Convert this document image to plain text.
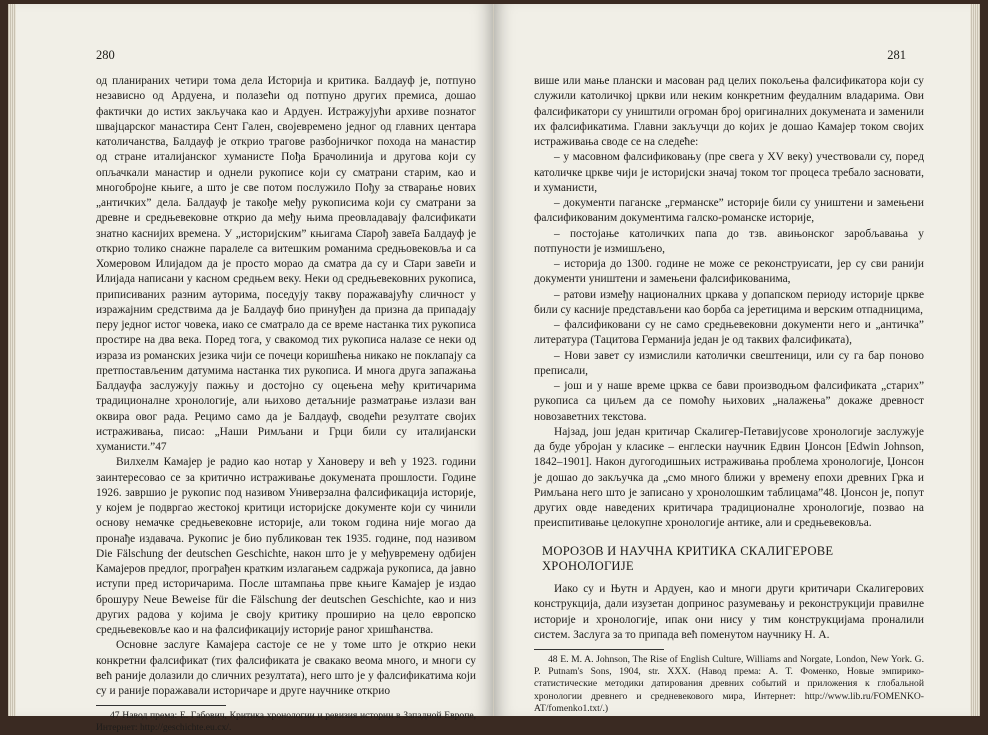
280

од планираних четири тома дела Историја и критика. Балдауф је, потпуно независно од Ардуена, и полазећи од потпуно других премиса, дошао фактички до истих закључака као и Ардуен. Истражујући архиве познатог швајцарског манастира Сент Гален, својевремено једног од главних центара католичанства, Балдауф је открио трагове разбојничког похода на манастир од стране италијанског хуманисте Пођа Брачолинија и другова који су опљачкали манастир и однели рукописе који су сматрани старим, као и многобројне књиге, а што је све потом послужило Пођу за стварање нових „античких” дела. Балдауф је такође међу рукописима који су сматрани за древне и средњевековне открио да међу њима преовладавају фалсификати знатно каснијих времена. У „историјским” књигама Сīарођ завеīа Балдауф је открио толико снажне паралеле са витешким романима средњовековља и са Хомеровом Илијадом да је просто морао да сматра да су и Сīари завеīи и Илијада написани у касном средњем веку. Неки од средњевековних рукописа, приписиваних разним ауторима, поседују такву поражавајућу сличност у изражајним средствима да је Балдауф био принуђен да призна да припадају перу једног истог човека, иако се сматрало да се време настанка тих рукописа простире на два века. Поред тога, у свакомод тих рукописа налазе се неки од израза из романских језика чији се почеци коришћења никако не поклапају са претпостављеним датумима настанка тих рукописа. И многа друга запажања Балдауфа заслужују пажњу и достојно су оцењена међу критичарима традиционалне хронологије, али њихово детаљније разматрање излази ван оквира овог рада. Рецимо само да је Балдауф, сводећи резултате својих истраживања, писао: „Наши Римљани и Грци били су италијански хуманисти.”47

Вилхелм Камајер је радио као нотар у Хановеру и већ у 1923. години заинтересовао се за критично истраживање докумената прошлости. Године 1926. завршио је рукопис под називом Универзална фалсификација историје, у којем је подвргао жестокој критици историјске документе који су чинили основу немачке средњевековне историје, али током година није могао да пронађе издавача. Рукопис је био публикован тек 1935. године, под називом Die Fälschung der deutschen Geschichte, након што је у међувремену одбијен Камајеров предлог, прогрaђен кратким излагањем садржаја рукописа, да јавно иступи пред историчарима. После штампања прве књиге Камајер је издао брошуру Neue Beweise für die Fälschung der deutschen Geschichte, као и низ других радова у којима је своју критику проширио на цело европско средњевековље као и на фалсификацију историје раног хришћанства.

Основне заслуге Камајера састоје се не у томе што је открио неки конкретни фалсификат (тих фалсификата је свакако веома много, и многи су већ раније долазили до сличних резултата), него што је у фалсификатима који су и раније поражавали историчаре и друге научнике открио

47 Навод према: Е. Габович, Критика хронологии и ревизия истории в Западной Европе, Интернет: http://geschichte.eu.cx/.

281

више или мање плански и масован рад целих покољења фалсификатора који су служили католичкој цркви или неким конкретним феудалним владарима. Ови фалсификатори су уништили огроман број оригиналних докумената и заменили их фалсификатима. Главни закључци до којих је дошао Камајер током својих истраживања своде се на следеће:

– у масовном фалсификовању (пре свега у XV веку) учествовали су, поред католичке цркве чији је историјски значај током тог процеса требало засновати, и хуманисти,

– документи паганске „германске” историје били су уништени и замењени фалсификованим документима галско-романске историје,

– постојање католичких папа до тзв. авињонског заробљавања у потпуности је измишљено,

– историја до 1300. године не може се реконструисати, јер су сви ранији документи уништени и замењени фалсификованима,

– ратови између националних цркава у допапском периоду историје цркве били су касније представљени као борба са јеретицима и верским отпадницима,

– фалсификовани су не само средњевековни документи него и „античка” литература (Тацитова Германија један је од таквих фалсификата),

– Нови завет су измислили католички свештеници, или су га бар поново преписали,

– још и у наше време црква се бави производњом фалсификата „старих” рукописа са циљем да се помоћу њихових „налажења” докаже древност новозаветних текстова.

Најзад, још један критичар Скалигер-Петавијусове хронологије заслужује да буде убројан у класике – енглески научник Едвин Џонсон [Edwin Johnson, 1842–1901]. Након дугогодишњих истраживања проблема хронологије, Џонсон је дошао до закључка да „смо много ближи у времену епохи древних Грка и Римљана него што је записано у хронолошким таблицама”48. Џонсон је, попут других овде наведених критичара традиционалне хронологије, позвао на преиспитивање целокупне хронологије антике, али и средњевековља.

МОРОЗОВ И НАУЧНА КРИТИКА СКАЛИГЕРОВЕ ХРОНОЛОГИЈЕ

Иако су и Њутн и Ардуен, као и многи други критичари Скалигерових конструкција, дали изузетан допринос разумевању и реконструкцији правилне историје и хронологије, ипак они нису у тим конструкцијама проналили систем. Заслуга за то припада већ поменутом научнику Н. А.

48 Е. M. A. Johnson, The Rise of English Culture, Williams and Norgate, London, New York. G. P. Putnam's Sons, 1904, str. XXX. (Навод према: А. Т. Фоменко, Новые эмпирико-статистические методики датирования древних событий и приложения к глобальной хронологии древнего и средневекового мира, Интернет: http://www.lib.ru/FOMENKO-AT/fomenko1.txt/.)
